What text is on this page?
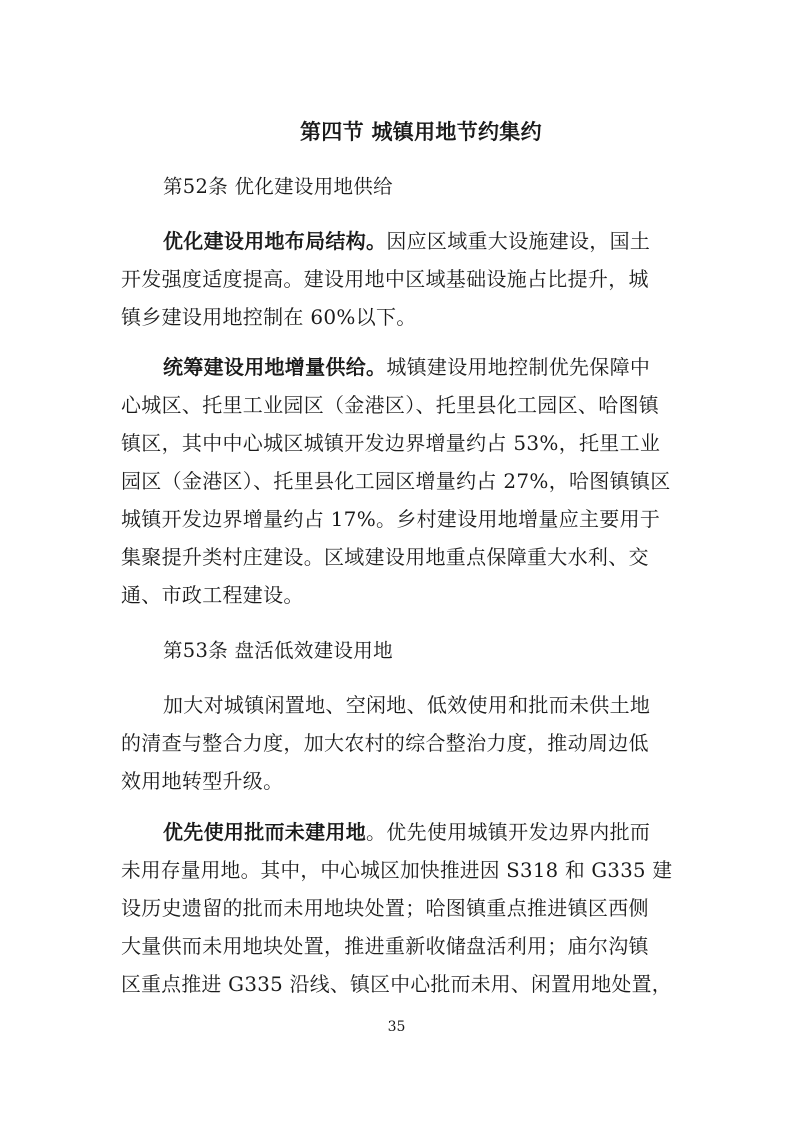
第四节 城镇用地节约集约
第52条 优化建设用地供给
优化建设用地布局结构。因应区域重大设施建设，国土
开发强度适度提高。建设用地中区域基础设施占比提升，城
镇乡建设用地控制在 60%以下。
统筹建设用地增量供给。城镇建设用地控制优先保障中
心城区、托里工业园区（金港区）、托里县化工园区、哈图镇
镇区，其中中心城区城镇开发边界增量约占 53%，托里工业
园区（金港区）、托里县化工园区增量约占 27%，哈图镇镇区
城镇开发边界增量约占 17%。乡村建设用地增量应主要用于
集聚提升类村庄建设。区域建设用地重点保障重大水利、交
通、市政工程建设。
第53条 盘活低效建设用地
加大对城镇闲置地、空闲地、低效使用和批而未供土地
的清查与整合力度，加大农村的综合整治力度，推动周边低
效用地转型升级。
优先使用批而未建用地。优先使用城镇开发边界内批而
未用存量用地。其中，中心城区加快推进因 S318 和 G335 建
设历史遗留的批而未用地块处置；哈图镇重点推进镇区西侧
大量供而未用地块处置，推进重新收储盘活利用；庙尔沟镇
区重点推进 G335 沿线、镇区中心批而未用、闲置用地处置，
35
